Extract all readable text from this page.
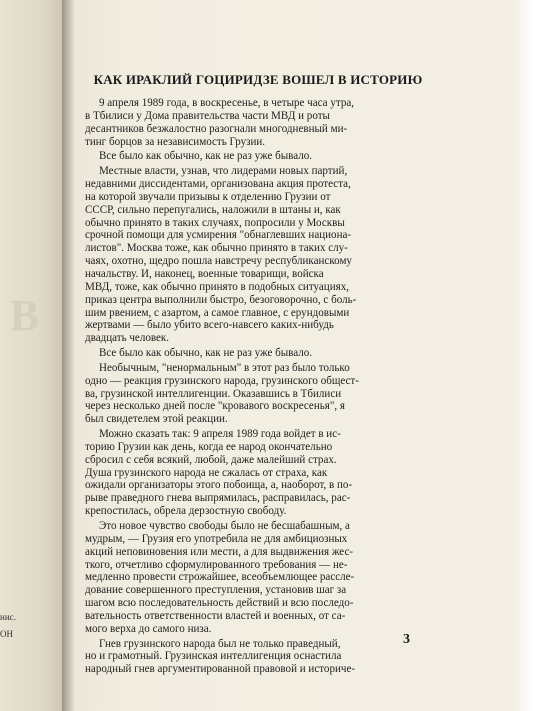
В
нис.
ОН
КАК ИРАКЛИЙ ГОЦИРИДЗЕ ВОШЕЛ В ИСТОРИЮ
9 апреля 1989 года, в воскресенье, в четыре часа утра,
в Тбилиси у Дома правительства части МВД и роты
десантников безжалостно разогнали многодневный ми-
тинг борцов за независимость Грузии.
Все было как обычно, как не раз уже бывало.
Местные власти, узнав, что лидерами новых партий,
недавними диссидентами, организована акция протеста,
на которой звучали призывы к отделению Грузии от
СССР, сильно перепугались, наложили в штаны и, как
обычно принято в таких случаях, попросили у Москвы
срочной помощи для усмирения "обнаглевших национа-
листов". Москва тоже, как обычно принято в таких слу-
чаях, охотно, щедро пошла навстречу республиканскому
начальству. И, наконец, военные товарищи, войска
МВД, тоже, как обычно принято в подобных ситуациях,
приказ центра выполнили быстро, безоговорочно, с боль-
шим рвением, с азартом, а самое главное, с ерундовыми
жертвами — было убито всего-навсего каких-нибудь
двадцать человек.
Все было как обычно, как не раз уже бывало.
Необычным, "ненормальным" в этот раз было только
одно — реакция грузинского народа, грузинского общест-
ва, грузинской интеллигенции. Оказавшись в Тбилиси
через несколько дней после "кровавого воскресенья", я
был свидетелем этой реакции.
Можно сказать так: 9 апреля 1989 года войдет в ис-
торию Грузии как день, когда ее народ окончательно
сбросил с себя всякий, любой, даже малейший страх.
Душа грузинского народа не сжалась от страха, как
ожидали организаторы этого побоища, а, наоборот, в по-
рыве праведного гнева выпрямилась, расправилась, рас-
крепостилась, обрела дерзостную свободу.
Это новое чувство свободы было не бесшабашным, а
мудрым, — Грузия его употребила не для амбициозных
акций неповиновения или мести, а для выдвижения жес-
ткого, отчетливо сформулированного требования — не-
медленно провести строжайшее, всеобъемлющее рассле-
дование совершенного преступления, установив шаг за
шагом всю последовательность действий и всю последо-
вательность ответственности властей и военных, от са-
мого верха до самого низа.
Гнев грузинского народа был не только праведный,
но и грамотный. Грузинская интеллигенция оснастила
народный гнев аргументированной правовой и историче-
3
